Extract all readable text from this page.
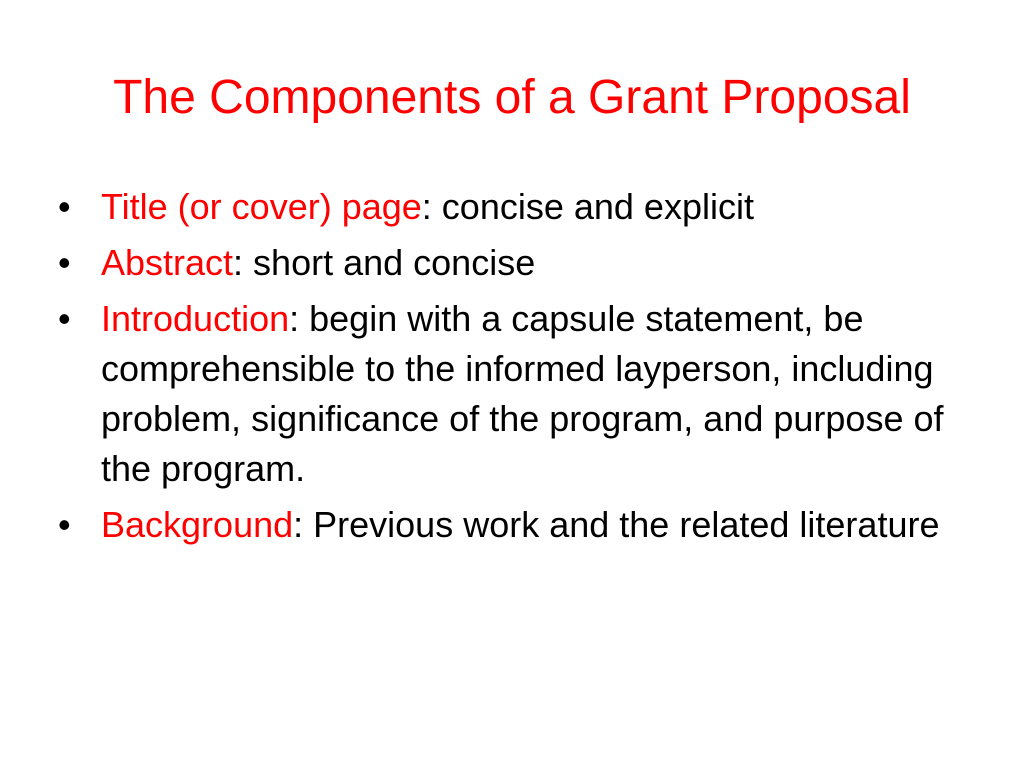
The Components of a Grant Proposal
• Title (or cover) page: concise and explicit
• Abstract: short and concise
• Introduction: begin with a capsule statement, be comprehensible to the informed layperson, including problem, significance of the program, and purpose of the program.
• Background: Previous work and the related literature
